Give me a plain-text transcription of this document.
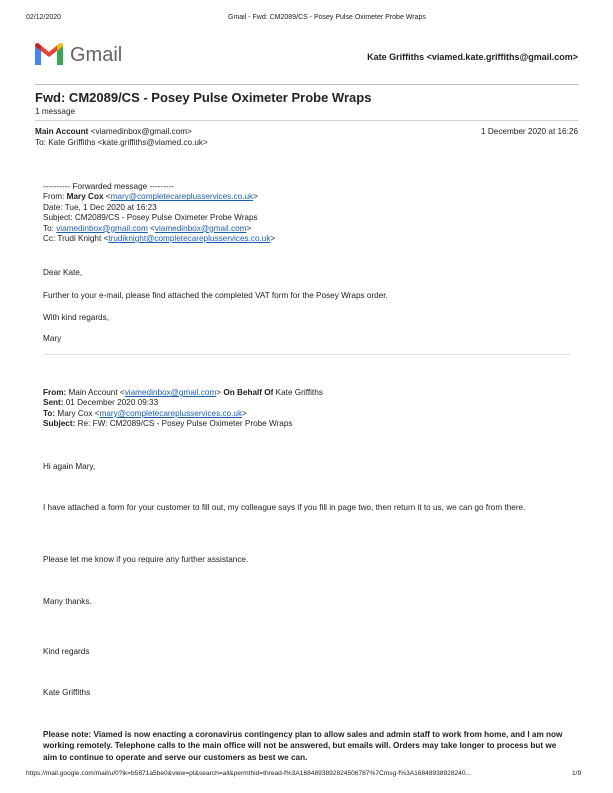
02/12/2020	Gmail - Fwd: CM2089/CS - Posey Pulse Oximeter Probe Wraps
Gmail	Kate Griffiths <viamed.kate.griffiths@gmail.com>
Fwd: CM2089/CS - Posey Pulse Oximeter Probe Wraps
1 message
Main Account <viamedinbox@gmail.com>	1 December 2020 at 16:26
To: Kate Griffiths <kate.griffiths@viamed.co.uk>
---------- Forwarded message ---------
From: Mary Cox <mary@completecareplusservices.co.uk>
Date: Tue, 1 Dec 2020 at 16:23
Subject: CM2089/CS - Posey Pulse Oximeter Probe Wraps
To: viamedinbox@gmail.com <viamedinbox@gmail.com>
Cc: Trudi Knight <trudiknight@completecareplusservices.co.uk>
Dear Kate,
Further to your e-mail, please find attached the completed VAT form for the Posey Wraps order.
With kind regards,
Mary
From: Main Account <viamedinbox@gmail.com> On Behalf Of Kate Griffiths
Sent: 01 December 2020 09:33
To: Mary Cox <mary@completecareplusservices.co.uk>
Subject: Re: FW: CM2089/CS - Posey Pulse Oximeter Probe Wraps
Hi again Mary,
I have attached a form for your customer to fill out, my colleague says if you fill in page two, then return it to us, we can go from there.
Please let me know if you require any further assistance.
Many thanks.
Kind regards
Kate Griffiths
Please note: Viamed is now enacting a coronavirus contingency plan to allow sales and admin staff to work from home, and I am now working remotely. Telephone calls to the main office will not be answered, but emails will. Orders may take longer to process but we aim to continue to operate and serve our customers as best we can.
https://mail.google.com/mail/u/0?ik=b5871a5be0&view=pt&search=all&permthid=thread-f%3A1684893892824506787%7Cmsg-f%3A16848938928240...	1/9
